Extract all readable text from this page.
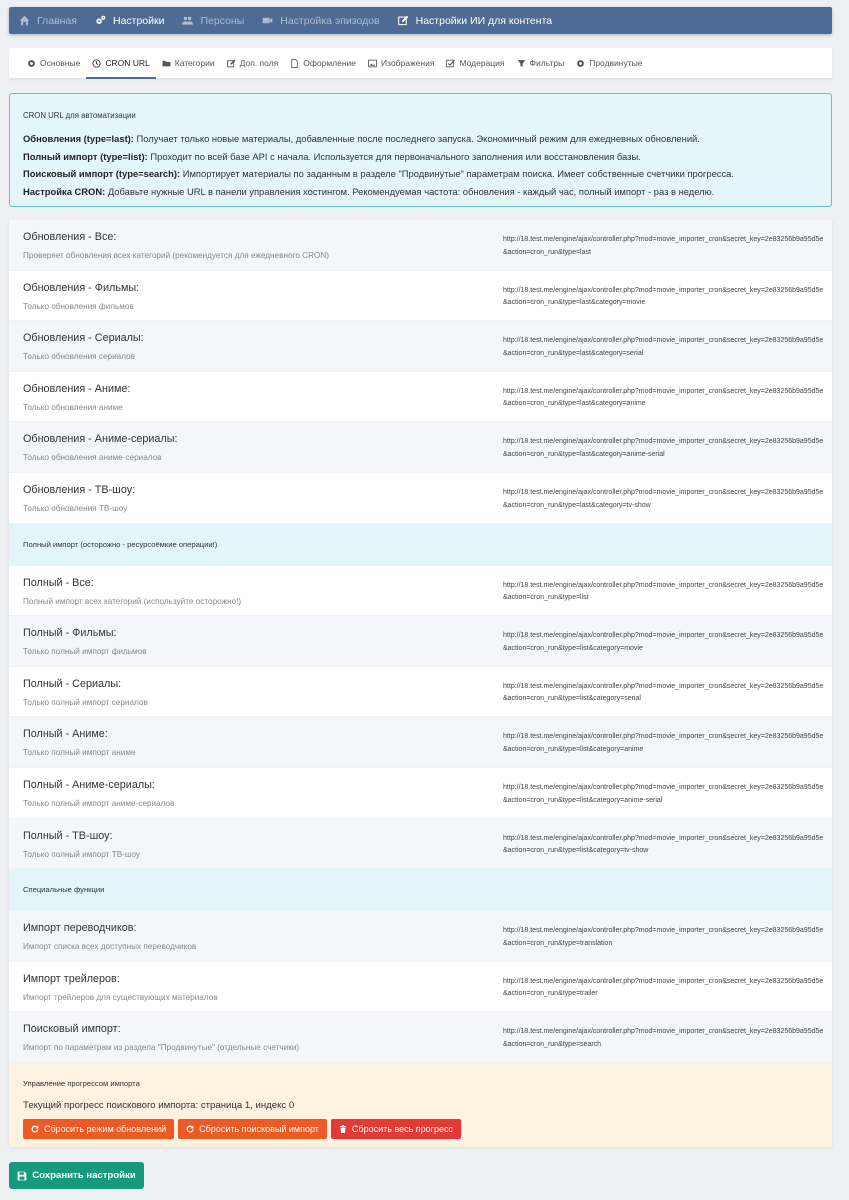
Главная	Настройки	Персоны	Настройка эпизодов	Настройки ИИ для контента
Основные	CRON URL	Категории	Доп. поля	Оформление	Изображения	Модерация	Фильтры	Продвинутые
CRON URL для автоматизации
Обновления (type=last): Получает только новые материалы, добавленные после последнего запуска. Экономичный режим для ежедневных обновлений.
Полный импорт (type=list): Проходит по всей базе API с начала. Используется для первоначального заполнения или восстановления базы.
Поисковый импорт (type=search): Импортирует материалы по заданным в разделе "Продвинутые" параметрам поиска. Имеет собственные счетчики прогресса.
Настройка CRON: Добавьте нужные URL в панели управления хостингом. Рекомендуемая частота: обновления - каждый час, полный импорт - раз в неделю.
Обновления - Все:
Проверяет обновления всех категорий (рекомендуется для ежедневного CRON)
http://18.test.me/engine/ajax/controller.php?mod=movie_importer_cron&secret_key=2e83256b9a95d5e&action=cron_run&type=last
Обновления - Фильмы:
Только обновления фильмов
http://18.test.me/engine/ajax/controller.php?mod=movie_importer_cron&secret_key=2e83256b9a95d5e&action=cron_run&type=last&category=movie
Обновления - Сериалы:
Только обновления сериалов
http://18.test.me/engine/ajax/controller.php?mod=movie_importer_cron&secret_key=2e83256b9a95d5e&action=cron_run&type=last&category=serial
Обновления - Аниме:
Только обновления аниме
http://18.test.me/engine/ajax/controller.php?mod=movie_importer_cron&secret_key=2e83256b9a95d5e&action=cron_run&type=last&category=anime
Обновления - Аниме-сериалы:
Только обновления аниме-сериалов
http://18.test.me/engine/ajax/controller.php?mod=movie_importer_cron&secret_key=2e83256b9a95d5e&action=cron_run&type=last&category=anime-serial
Обновления - ТВ-шоу:
Только обновления ТВ-шоу
http://18.test.me/engine/ajax/controller.php?mod=movie_importer_cron&secret_key=2e83256b9a95d5e&action=cron_run&type=last&category=tv-show
Полный импорт (осторожно - ресурсоёмкие операции!)
Полный - Все:
Полный импорт всех категорий (используйте осторожно!)
http://18.test.me/engine/ajax/controller.php?mod=movie_importer_cron&secret_key=2e83256b9a95d5e&action=cron_run&type=list
Полный - Фильмы:
Только полный импорт фильмов
http://18.test.me/engine/ajax/controller.php?mod=movie_importer_cron&secret_key=2e83256b9a95d5e&action=cron_run&type=list&category=movie
Полный - Сериалы:
Только полный импорт сериалов
http://18.test.me/engine/ajax/controller.php?mod=movie_importer_cron&secret_key=2e83256b9a95d5e&action=cron_run&type=list&category=serial
Полный - Аниме:
Только полный импорт аниме
http://18.test.me/engine/ajax/controller.php?mod=movie_importer_cron&secret_key=2e83256b9a95d5e&action=cron_run&type=list&category=anime
Полный - Аниме-сериалы:
Только полный импорт аниме-сериалов
http://18.test.me/engine/ajax/controller.php?mod=movie_importer_cron&secret_key=2e83256b9a95d5e&action=cron_run&type=list&category=anime-serial
Полный - ТВ-шоу:
Только полный импорт ТВ-шоу
http://18.test.me/engine/ajax/controller.php?mod=movie_importer_cron&secret_key=2e83256b9a95d5e&action=cron_run&type=list&category=tv-show
Специальные функции
Импорт переводчиков:
Импорт списка всех доступных переводчиков
http://18.test.me/engine/ajax/controller.php?mod=movie_importer_cron&secret_key=2e83256b9a95d5e&action=cron_run&type=translation
Импорт трейлеров:
Импорт трейлеров для существующих материалов
http://18.test.me/engine/ajax/controller.php?mod=movie_importer_cron&secret_key=2e83256b9a95d5e&action=cron_run&type=trailer
Поисковый импорт:
Импорт по параметрам из раздела "Продвинутые" (отдельные счетчики)
http://18.test.me/engine/ajax/controller.php?mod=movie_importer_cron&secret_key=2e83256b9a95d5e&action=cron_run&type=search
Управление прогрессом импорта
Текущий прогресс поискового импорта: страница 1, индекс 0
Сбросить режим обновлений	Сбросить поисковый импорт	Сбросить весь прогресс
Сохранить настройки
